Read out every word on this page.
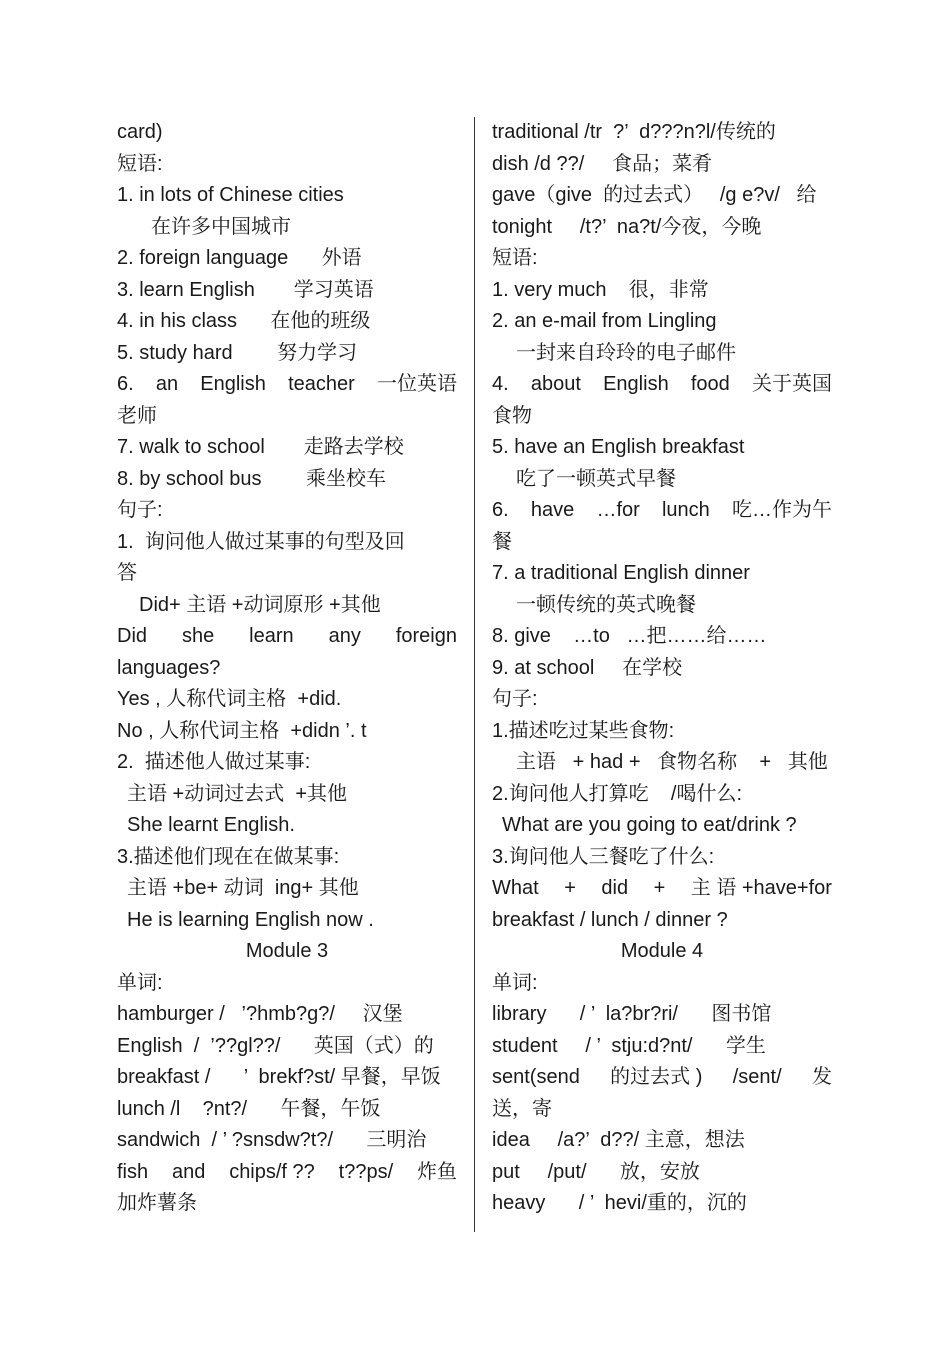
card)
短语:
1. in lots of Chinese cities
在许多中国城市
2. foreign language      外语
3. learn English       学习英语
4. in his class      在他的班级
5. study hard        努力学习
6. an English teacher 一位英语
老师
7. walk to school       走路去学校
8. by school bus        乘坐校车
句子:
1.  询问他人做过某事的句型及回
答
Did+ 主语 +动词原形 +其他
Did she learn any foreign
languages?
Yes , 人称代词主格  +did.
No , 人称代词主格  +didn ’. t
2.  描述他人做过某事:
主语 +动词过去式  +其他
She learnt English.
3.描述他们现在在做某事:
主语 +be+ 动词  ing+ 其他
He is learning English now .
Module 3
单词:
hamburger /   ’?hmb?g?/     汉堡
English  /  ’??gl??/      英国（式）的
breakfast /      ’  brekf?st/ 早餐，早饭
lunch /l    ?nt?/      午餐，午饭
sandwich  / ’ ?snsdw?t?/      三明治
fish and chips/f ?? t??ps/ 炸鱼
加炸薯条
traditional /tr  ?’  d???n?l/传统的
dish /d ??/     食品；菜肴
gave（give  的过去式）   /g e?v/   给
tonight     /t?’  na?t/今夜，今晚
短语:
1. very much    很，非常
2. an e-mail from Lingling
一封来自玲玲的电子邮件
4. about English food 关于英国
食物
5. have an English breakfast
吃了一顿英式早餐
6. have …for lunch 吃…作为午
餐
7. a traditional English dinner
一顿传统的英式晚餐
8. give    …to   …把……给……
9. at school     在学校
句子:
1.描述吃过某些食物:
主语   + had +   食物名称    +   其他
2.询问他人打算吃    /喝什么:
What are you going to eat/drink ?
3.询问他人三餐吃了什么:
What + did + 主 语 +have+for
breakfast / lunch / dinner ?
Module 4
单词:
library      / ’  la?br?ri/      图书馆
student     / ’  stju:d?nt/      学生
sent(send 的过去式 ) /sent/ 发
送，寄
idea     /a?’  d??/ 主意，想法
put     /put/      放，安放
heavy      / ’  hevi/重的，沉的
